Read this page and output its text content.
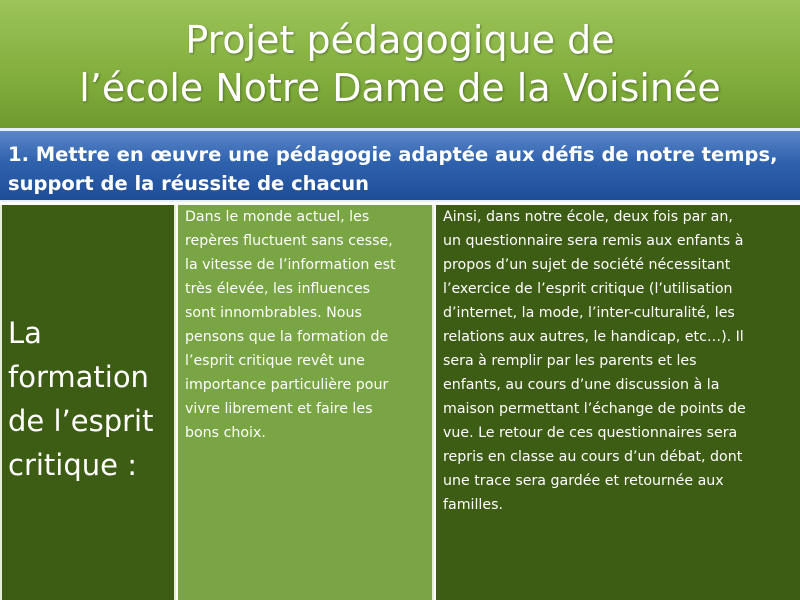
Projet pédagogique de
l’école Notre Dame de la Voisinée
1. Mettre en œuvre une pédagogie adaptée aux défis de notre temps,
support de la réussite de chacun
La
formation
de l’esprit
critique :
Dans le monde actuel, les
repères fluctuent sans cesse,
la vitesse de l’information est
très élevée, les influences
sont innombrables. Nous
pensons que la formation de
l’esprit critique revêt une
importance particulière pour
vivre librement et faire les
bons choix.
Ainsi, dans notre école, deux fois par an,
un questionnaire sera remis aux enfants à
propos d’un sujet de société nécessitant
l’exercice de l’esprit critique (l’utilisation
d’internet, la mode, l’inter-culturalité, les
relations aux autres, le handicap, etc…). Il
sera à remplir par les parents et les
enfants, au cours d’une discussion à la
maison permettant l’échange de points de
vue. Le retour de ces questionnaires sera
repris en classe au cours d’un débat, dont
une trace sera gardée et retournée aux
familles.
